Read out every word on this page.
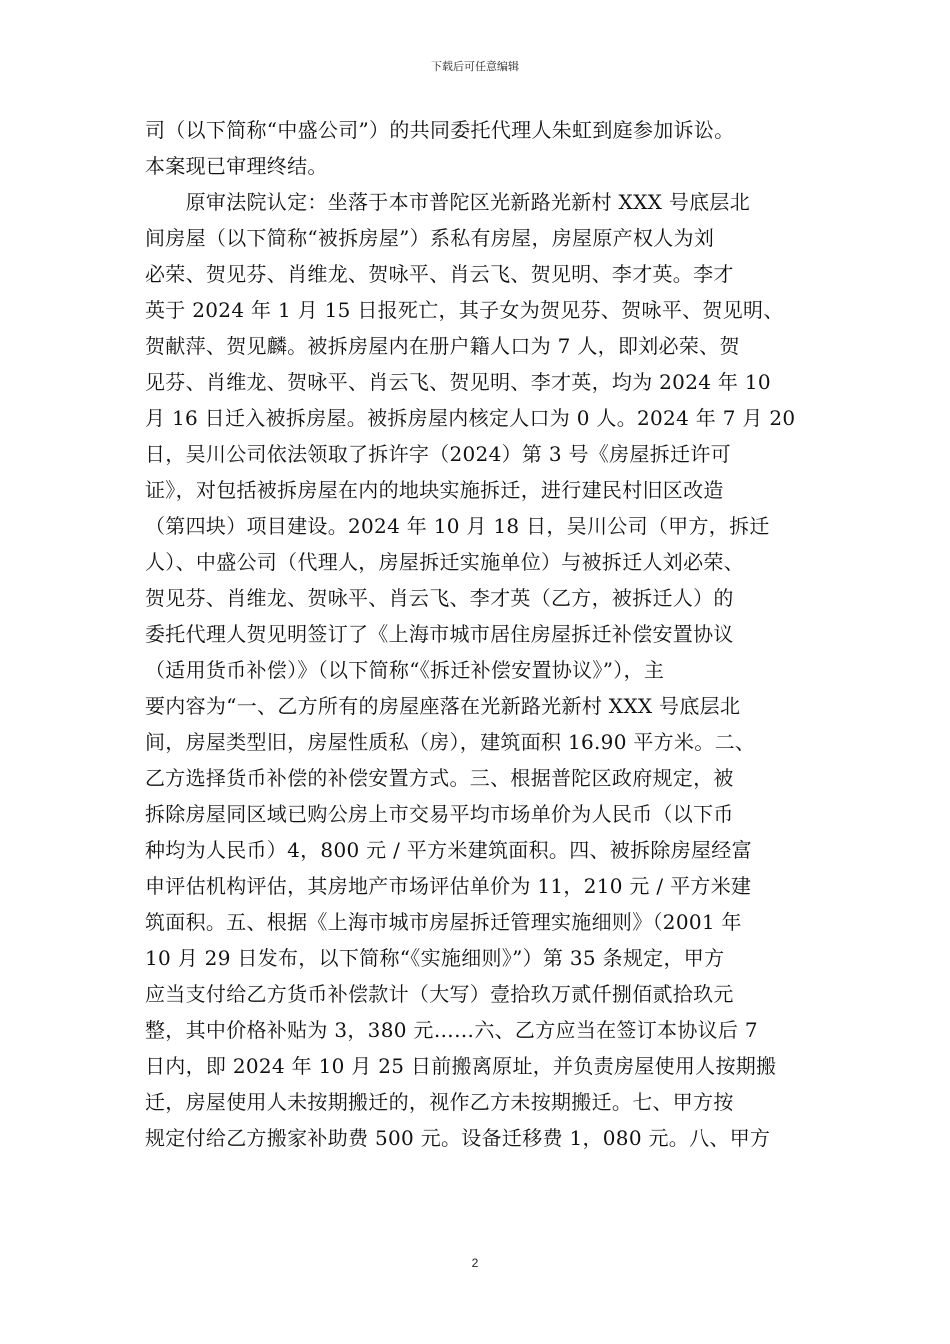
下载后可任意编辑
司（以下简称“中盛公司”）的共同委托代理人朱虹到庭参加诉讼。
本案现已审理终结。
　　原审法院认定：坐落于本市普陀区光新路光新村 XXX 号底层北
间房屋（以下简称“被拆房屋”）系私有房屋，房屋原产权人为刘
必荣、贺见芬、肖维龙、贺咏平、肖云飞、贺见明、李才英。李才
英于 2024 年 1 月 15 日报死亡，其子女为贺见芬、贺咏平、贺见明、
贺献萍、贺见麟。被拆房屋内在册户籍人口为 7 人，即刘必荣、贺
见芬、肖维龙、贺咏平、肖云飞、贺见明、李才英，均为 2024 年 10
月 16 日迁入被拆房屋。被拆房屋内核定人口为 0 人。2024 年 7 月 20
日，吴川公司依法领取了拆许字（2024）第 3 号《房屋拆迁许可
证》，对包括被拆房屋在内的地块实施拆迁，进行建民村旧区改造
（第四块）项目建设。2024 年 10 月 18 日，吴川公司（甲方，拆迁
人）、中盛公司（代理人，房屋拆迁实施单位）与被拆迁人刘必荣、
贺见芬、肖维龙、贺咏平、肖云飞、李才英（乙方，被拆迁人）的
委托代理人贺见明签订了《上海市城市居住房屋拆迁补偿安置协议
（适用货币补偿）》（以下简称“《拆迁补偿安置协议》”），主
要内容为“一、乙方所有的房屋座落在光新路光新村 XXX 号底层北
间，房屋类型旧，房屋性质私（房），建筑面积 16.90 平方米。二、
乙方选择货币补偿的补偿安置方式。三、根据普陀区政府规定，被
拆除房屋同区域已购公房上市交易平均市场单价为人民币（以下币
种均为人民币）4，800 元 / 平方米建筑面积。四、被拆除房屋经富
申评估机构评估，其房地产市场评估单价为 11，210 元 / 平方米建
筑面积。五、根据《上海市城市房屋拆迁管理实施细则》（2001 年
10 月 29 日发布，以下简称“《实施细则》”）第 35 条规定，甲方
应当支付给乙方货币补偿款计（大写）壹拾玖万贰仟捌佰贰拾玖元
整，其中价格补贴为 3，380 元……六、乙方应当在签订本协议后 7
日内，即 2024 年 10 月 25 日前搬离原址，并负责房屋使用人按期搬
迁，房屋使用人未按期搬迁的，视作乙方未按期搬迁。七、甲方按
规定付给乙方搬家补助费 500 元。设备迁移费 1，080 元。八、甲方
2
